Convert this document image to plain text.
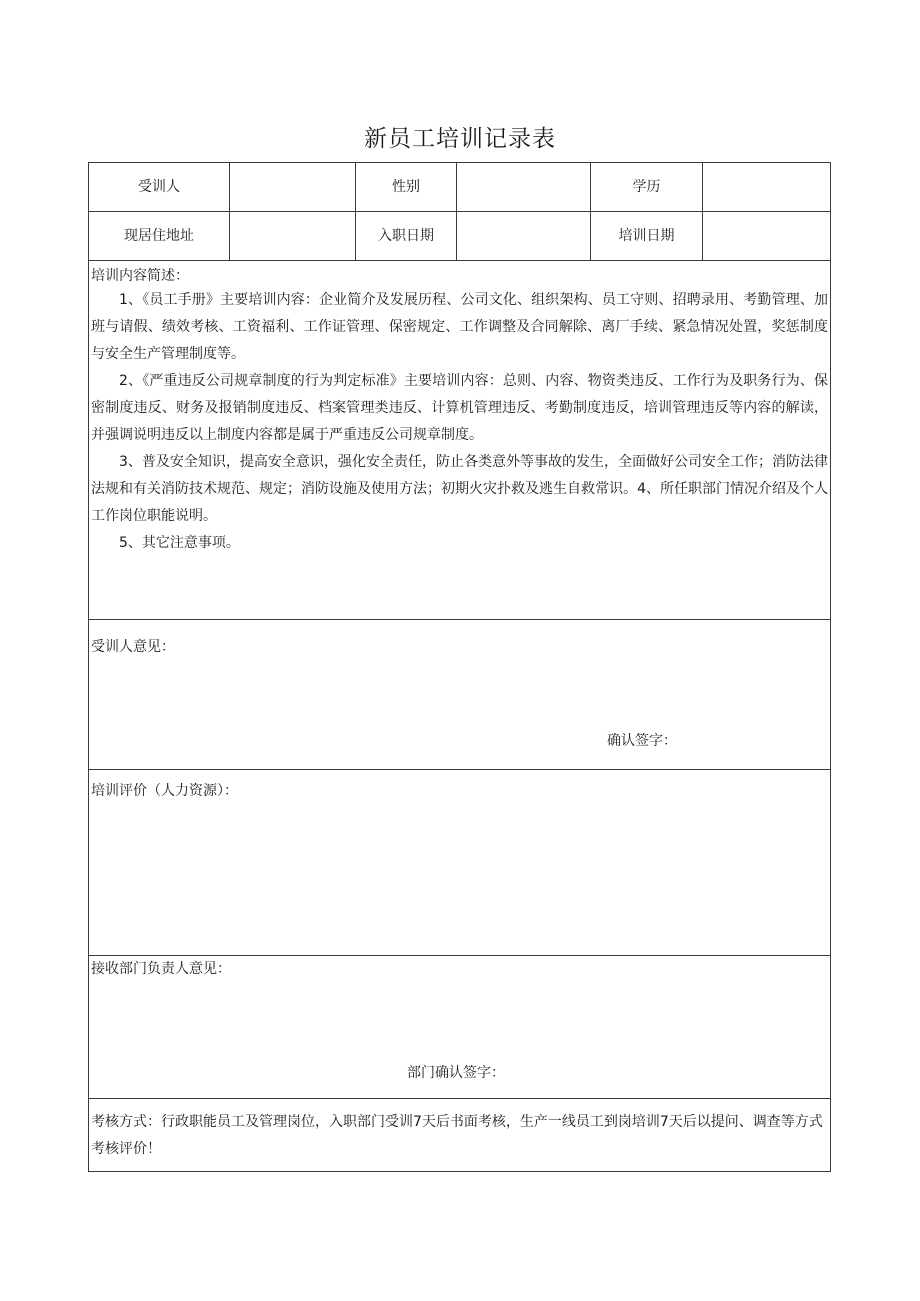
新员工培训记录表
受训人		性别		学历	
现居住地址		入职日期		培训日期	

培训内容简述：

1、《员工手册》主要培训内容：企业简介及发展历程、公司文化、组织架构、员工守则、招聘录用、考勤管理、加班与请假、绩效考核、工资福利、工作证管理、保密规定、工作调整及合同解除、离厂手续、紧急情况处置，奖惩制度与安全生产管理制度等。

2、《严重违反公司规章制度的行为判定标准》主要培训内容：总则、内容、物资类违反、工作行为及职务行为、保密制度违反、财务及报销制度违反、档案管理类违反、计算机管理违反、考勤制度违反，培训管理违反等内容的解读，并强调说明违反以上制度内容都是属于严重违反公司规章制度。

3、普及安全知识，提高安全意识，强化安全责任，防止各类意外等事故的发生，全面做好公司安全工作；消防法律法规和有关消防技术规范、规定；消防设施及使用方法；初期火灾扑救及逃生自救常识。4、所任职部门情况介绍及个人工作岗位职能说明。

5、其它注意事项。					

受训人意见：
确认签字：					

培训评价（人力资源）：					

接收部门负责人意见：
部门确认签字：					

考核方式：行政职能员工及管理岗位，入职部门受训7天后书面考核，生产一线员工到岗培训7天后以提问、调查等方式考核评价！					
